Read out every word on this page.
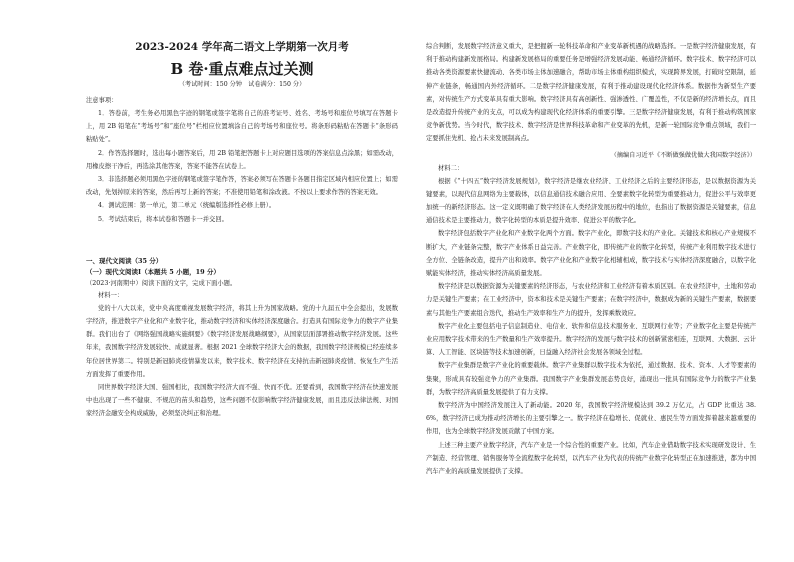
2023-2024 学年高二语文上学期第一次月考
B 卷·重点难点过关测
（考试时间：150 分钟　试卷满分：150 分）

注意事项：

1．答卷前，考生务必用黑色字迹的钢笔或签字笔将自己的准考证号、姓名、考场号和座位号填写在答题卡上，用 2B 铅笔在“考场号”和“座位号”栏相应位置填涂自己的考场号和座位号。将条形码粘贴在答题卡“条形码粘贴处”。

2．作答选择题时，选出每小题答案后，用 2B 铅笔把答题卡上对应题目选项的答案信息点涂黑；如需改动，用橡皮擦干净后，再选涂其他答案，答案不能答在试卷上。

3．非选择题必须用黑色字迹的钢笔或签字笔作答，答案必须写在答题卡各题目指定区域内相应位置上；如需改动，先划掉原来的答案，然后再写上新的答案；不准使用铅笔和涂改液。不按以上要求作答的答案无效。

4．测试范围：第一单元，第二单元（统编版选择性必修上册）。

5．考试结束后，将本试卷和答题卡一并交回。

一、现代文阅读（35 分）

（一）现代文阅读Ⅰ（本题共 5 小题，19 分）

（2023·河南期中）阅读下面的文字，完成下面小题。

材料一：

党的十八大以来，党中央高度重视发展数字经济，将其上升为国家战略。党的十九届五中全会提出，发展数字经济，推进数字产业化和产业数字化，推动数字经济和实体经济深度融合。打造具有国际竞争力的数字产业集群。我们出台了《网络强国战略实施纲要》《数字经济发展战略纲要》，从国家层面部署推动数字经济发展。这些年来，我国数字经济发展较快、成就显著。根据 2021 全球数字经济大会的数据，我国数字经济规模已经连续多年位居世界第二。特别是新冠肺炎疫情暴发以来，数字技术、数字经济在支持抗击新冠肺炎疫情、恢复生产生活方面发挥了重要作用。

同世界数字经济大国、强国相比，我国数字经济大而不强、快而不优。还要看到，我国数字经济在快速发展中也出现了一些不健康、不规范的苗头和趋势，这些问题不仅影响数字经济健康发展，而且违反法律法规、对国家经济金融安全构成威胁，必须坚决纠正和治理。

综合判断，发展数字经济意义重大，是把握新一轮科技革命和产业变革新机遇的战略选择。一是数字经济健康发展，有利于推动构建新发展格局。构建新发展格局的重要任务是增强经济发展动能、畅通经济循环。数字技术、数字经济可以推动各类资源要素快捷流动、各类市场主体加速融合，帮助市场主体重构组织模式，实现跨界发展，打破时空限制，延伸产业链条，畅通国内外经济循环。二是数字经济健康发展，有利于推动建设现代化经济体系。数据作为新型生产要素，对传统生产方式变革具有重大影响。数字经济具有高创新性、强渗透性、广覆盖性，不仅是新的经济增长点，而且是改造提升传统产业的支点，可以成为构建现代化经济体系的重要引擎。三是数字经济健康发展，有利于推动构筑国家竞争新优势。当今时代，数字技术、数字经济是世界科技革命和产业变革的先机，是新一轮国际竞争重点领域，我们一定要抓住先机、抢占未来发展制高点。

（摘编自习近平《不断做强做优做大我国数字经济》）

材料二：

根据《“十四五”数字经济发展规划》，数字经济是继农业经济、工业经济之后的主要经济形态，是以数据资源为关键要素，以现代信息网络为主要载体，以信息通信技术融合应用、全要素数字化转型为重要推动力，促进公平与效率更加统一的新经济形态。这一定义既明确了数字经济在人类经济发展历程中的地位，也指出了数据资源是关键要素，信息通信技术是主要推动力，数字化转型的本质是提升效率、促进公平的数字化。

数字经济包括数字产业化和产业数字化两个方面。数字产业化，即数字技术的产业化。关键技术和核心产业规模不断扩大，产业链条完整，数字产业体系日益完善。产业数字化，即传统产业的数字化转型，传统产业利用数字技术进行全方位、全链条改造，提升产出和效率。数字产业化和产业数字化相辅相成，数字技术与实体经济深度融合，以数字化赋能实体经济，推动实体经济高质量发展。

数字经济是以数据资源为关键要素的经济形态，与农业经济和工业经济有着本质区别。在农业经济中，土地和劳动力是关键生产要素；在工业经济中，资本和技术是关键生产要素；在数字经济中，数据成为新的关键生产要素，数据要素与其他生产要素组合迭代，推动生产效率和生产力的提升，发挥乘数效应。

数字产业化主要包括电子信息制造业、电信业、软件和信息技术服务业、互联网行业等；产业数字化主要是传统产业应用数字技术带来的生产数量和生产效率提升。数字经济的发展与数字技术的创新紧密相连，互联网、大数据、云计算、人工智能、区块链等技术加速创新，日益融入经济社会发展各领域全过程。

数字产业集群是数字产业化的重要载体。数字产业集群以数字技术为依托，通过数据、技术、资本、人才等要素的集聚，形成具有较强竞争力的产业集群。我国数字产业集群发展态势良好，涌现出一批具有国际竞争力的数字产业集群，为数字经济高质量发展提供了有力支撑。

数字经济为中国经济发展注入了新动能。2020 年，我国数字经济规模达到 39.2 万亿元，占 GDP 比重达 38.6%，数字经济已成为推动经济增长的主要引擎之一。数字经济在稳增长、促就业、惠民生等方面发挥着越来越重要的作用，也为全球数字经济发展贡献了中国方案。

上述三种主要产业数字经济，汽车产业是一个综合性的重要产业。比如，汽车企业借助数字技术实现研发设计、生产制造、经营管理、销售服务等全流程数字化转型，以汽车产业为代表的传统产业数字化转型正在加速推进，都为中国汽车产业的高质量发展提供了支撑。
